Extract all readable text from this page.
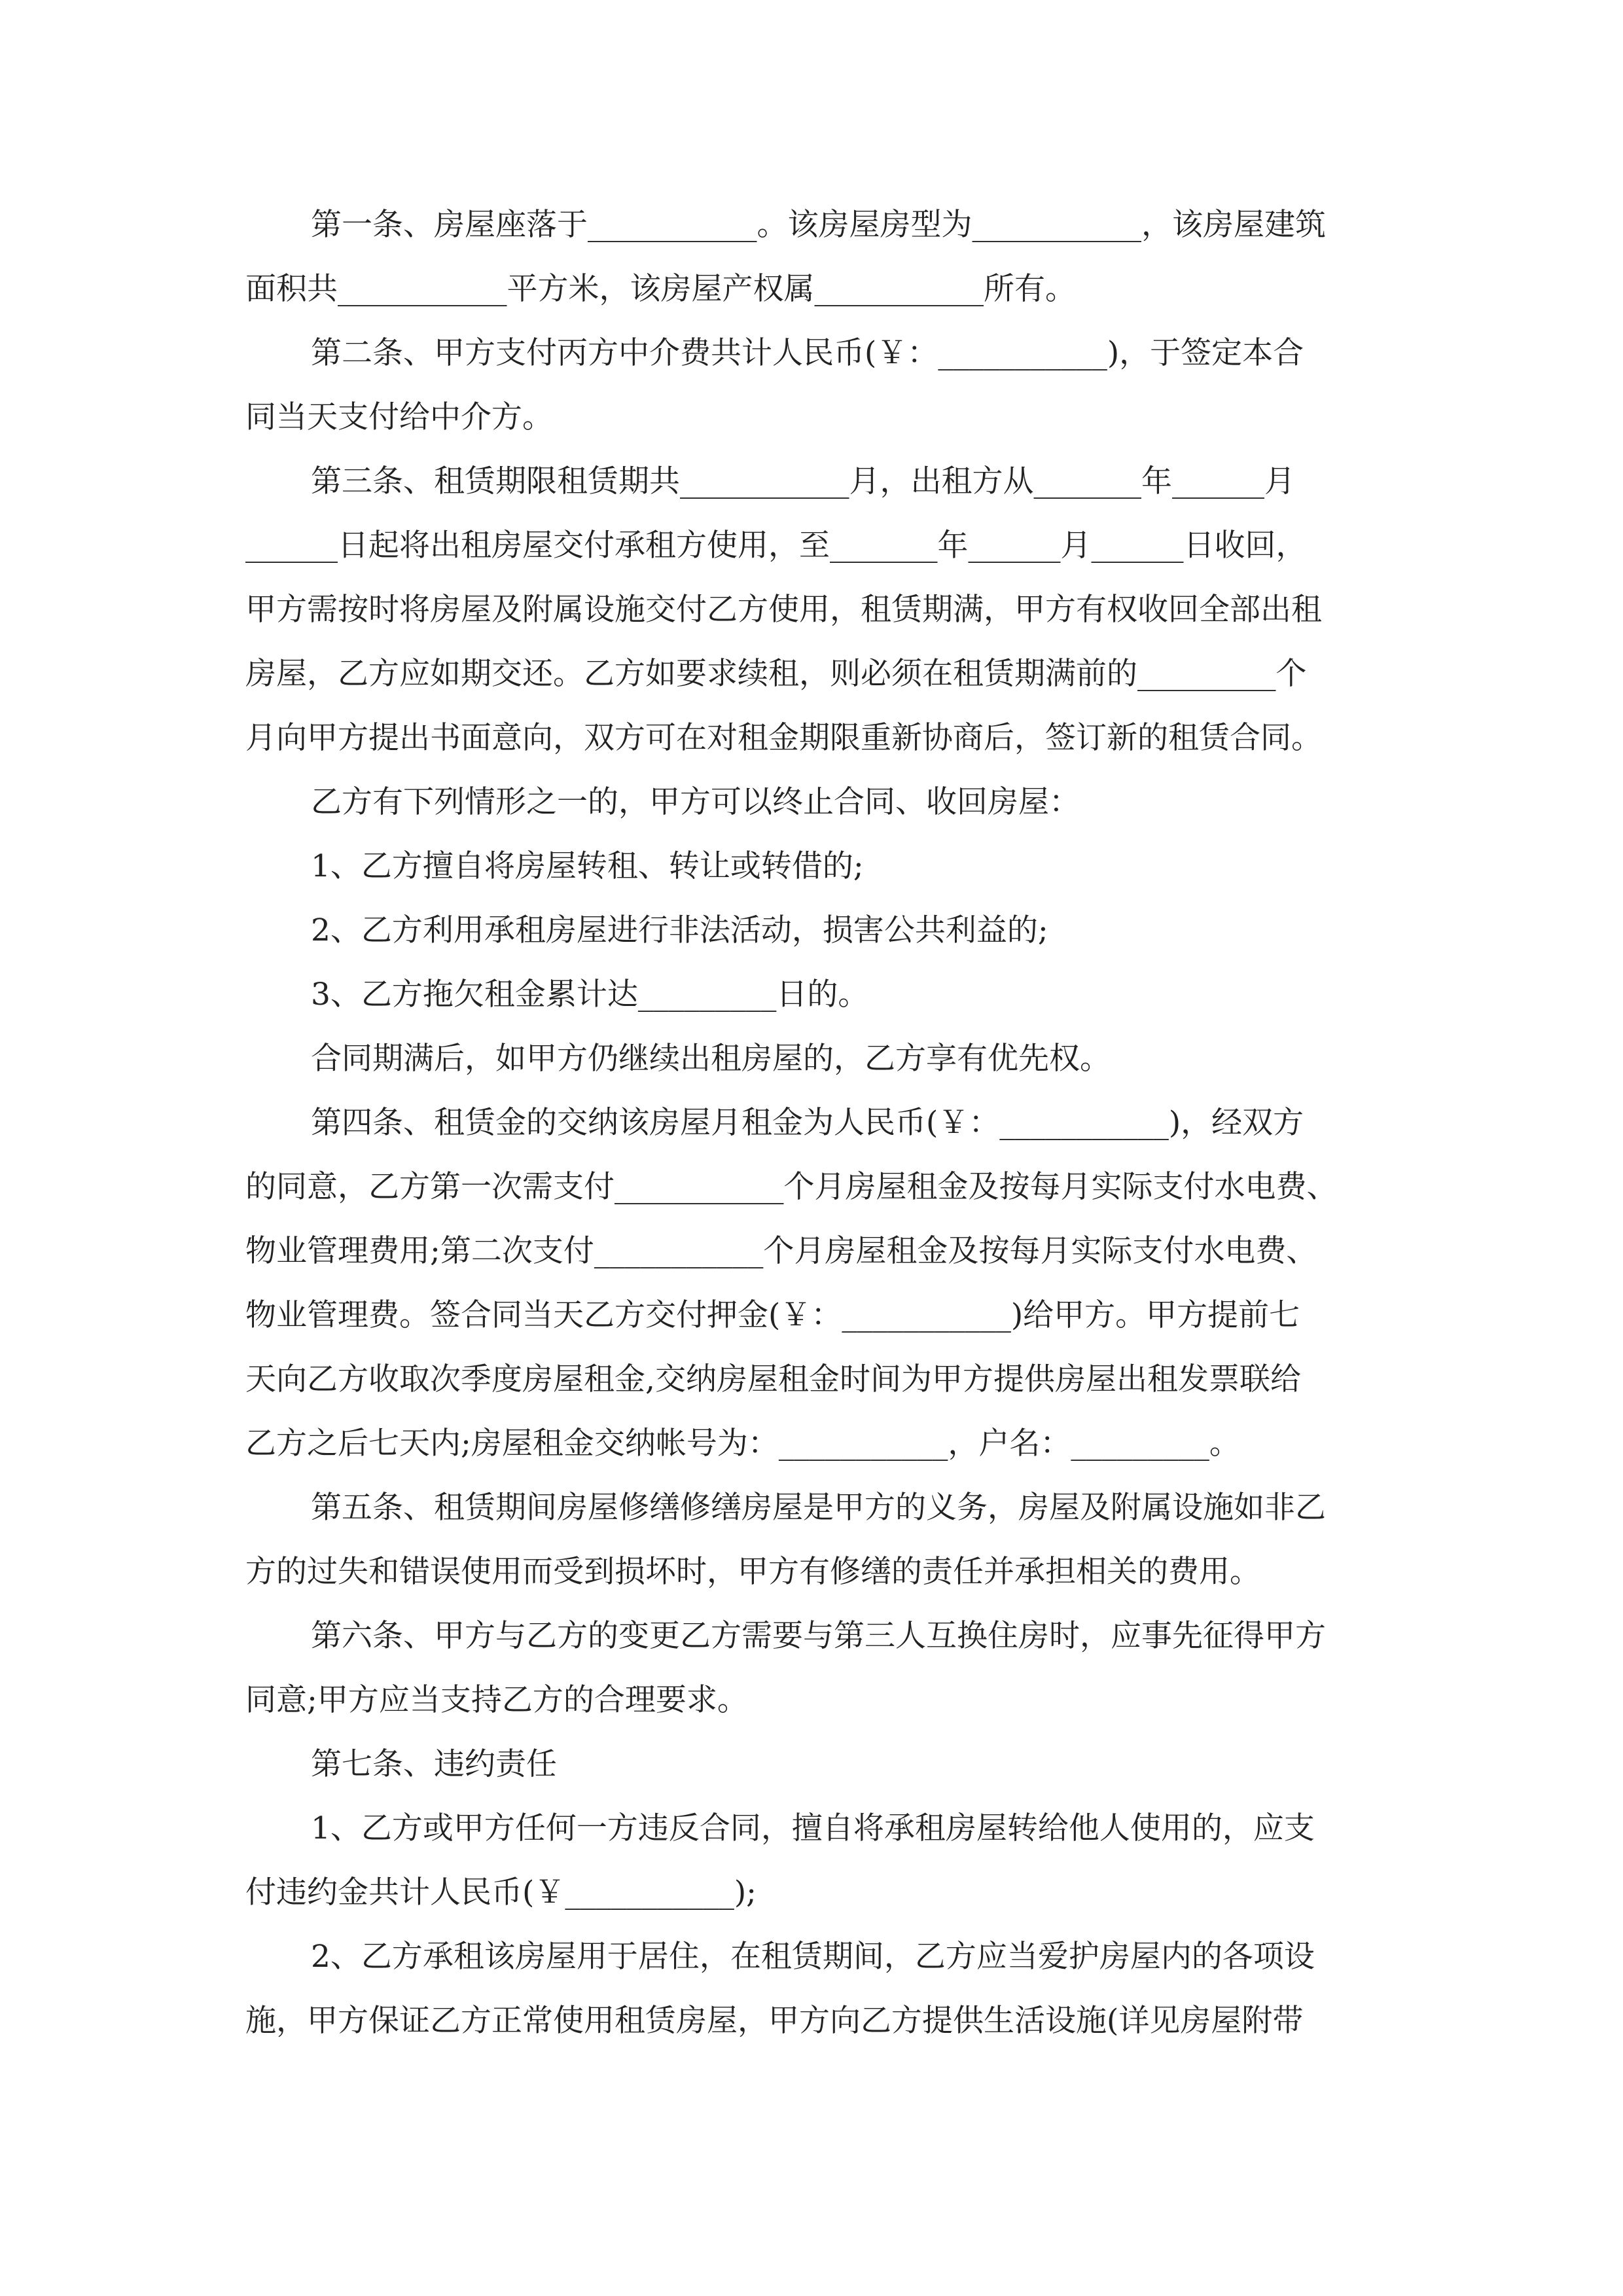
第一条、房屋座落于___________。该房屋房型为___________，该房屋建筑
面积共___________平方米，该房屋产权属___________所有。
第二条、甲方支付丙方中介费共计人民币(￥：___________)，于签定本合
同当天支付给中介方。
第三条、租赁期限租赁期共___________月，出租方从_______年______月
______日起将出租房屋交付承租方使用，至_______年______月______日收回，
甲方需按时将房屋及附属设施交付乙方使用，租赁期满，甲方有权收回全部出租
房屋，乙方应如期交还。乙方如要求续租，则必须在租赁期满前的_________个
月向甲方提出书面意向，双方可在对租金期限重新协商后，签订新的租赁合同。
乙方有下列情形之一的，甲方可以终止合同、收回房屋：
1、乙方擅自将房屋转租、转让或转借的;
2、乙方利用承租房屋进行非法活动，损害公共利益的;
3、乙方拖欠租金累计达_________日的。
合同期满后，如甲方仍继续出租房屋的，乙方享有优先权。
第四条、租赁金的交纳该房屋月租金为人民币(￥：___________)，经双方
的同意，乙方第一次需支付___________个月房屋租金及按每月实际支付水电费、
物业管理费用;第二次支付___________个月房屋租金及按每月实际支付水电费、
物业管理费。签合同当天乙方交付押金(￥：___________)给甲方。甲方提前七
天向乙方收取次季度房屋租金,交纳房屋租金时间为甲方提供房屋出租发票联给
乙方之后七天内;房屋租金交纳帐号为：___________，户名：_________。
第五条、租赁期间房屋修缮修缮房屋是甲方的义务，房屋及附属设施如非乙
方的过失和错误使用而受到损坏时，甲方有修缮的责任并承担相关的费用。
第六条、甲方与乙方的变更乙方需要与第三人互换住房时，应事先征得甲方
同意;甲方应当支持乙方的合理要求。
第七条、违约责任
1、乙方或甲方任何一方违反合同，擅自将承租房屋转给他人使用的，应支
付违约金共计人民币(￥___________);
2、乙方承租该房屋用于居住，在租赁期间，乙方应当爱护房屋内的各项设
施，甲方保证乙方正常使用租赁房屋，甲方向乙方提供生活设施(详见房屋附带
